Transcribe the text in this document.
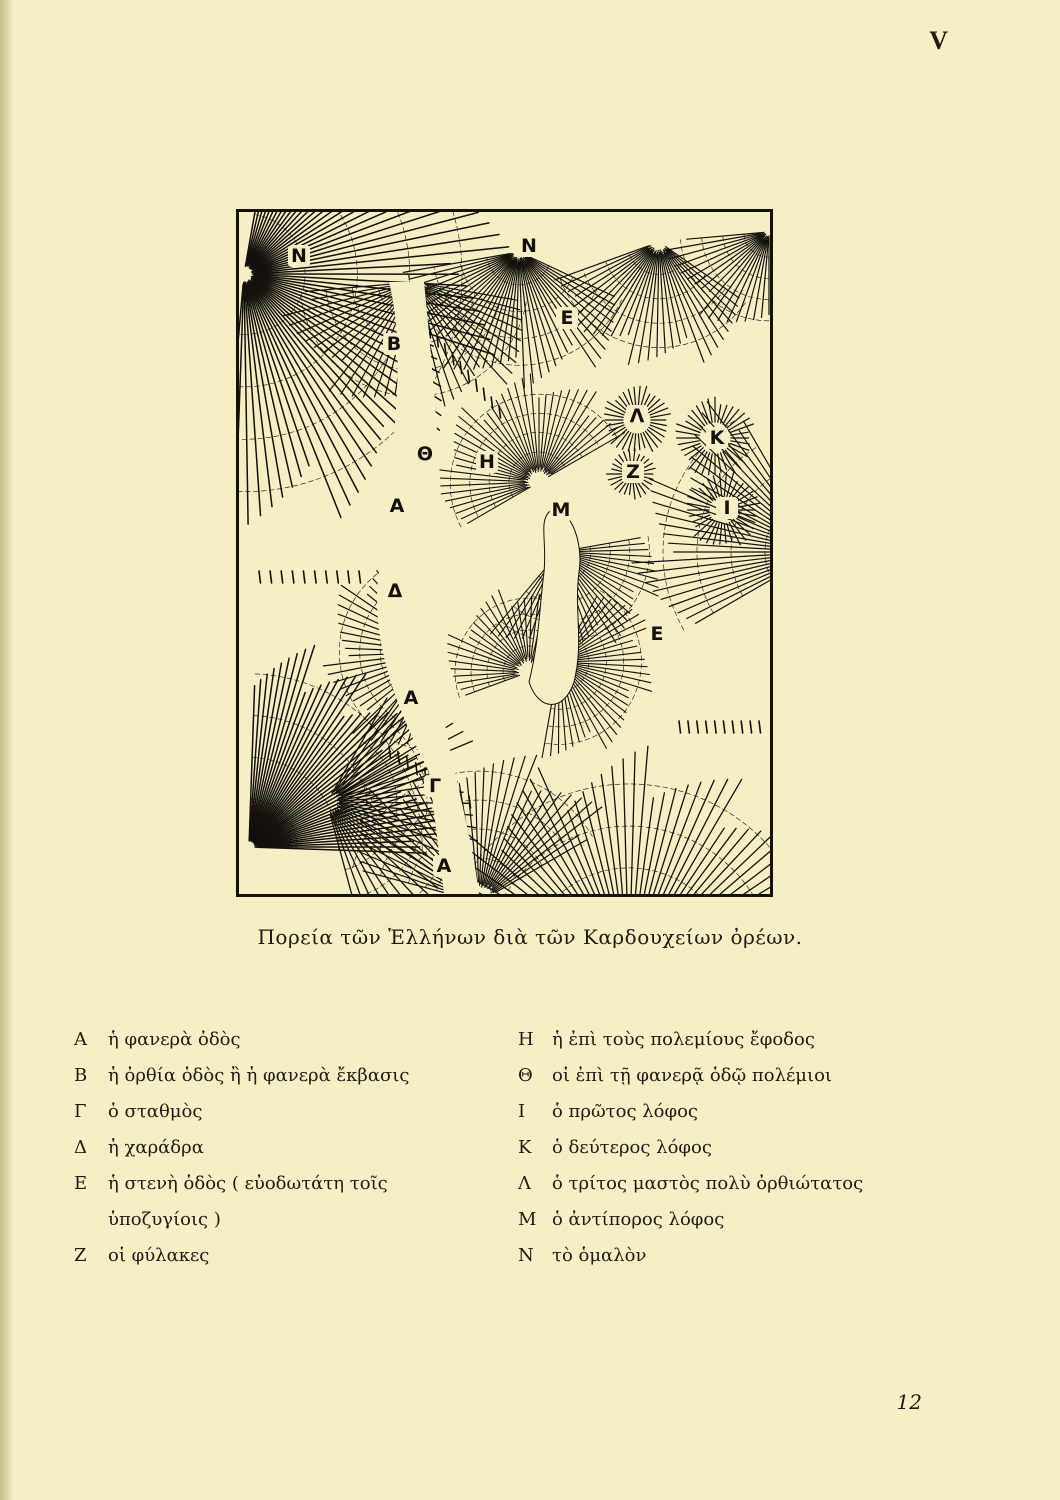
V
N	N
B
E
Λ
K
Z
Θ H
I
A	M
Δ
E
A
Γ
A
Πορεία τῶν Ἑλλήνων διὰ τῶν Καρδουχείων ὀρέων.
Α	ἡ φανερὰ ὁδὸς
Β	ἡ ὀρθία ὁδὸς ἢ ἡ φανερὰ ἔκβασις
Γ	ὁ σταθμὸς
Δ	ἡ χαράδρα
Ε	ἡ στενὴ ὁδὸς ( εὐοδωτάτη τοῖς
ὑποζυγίοις )
Ζ	οἱ φύλακες
Η	ἡ ἐπὶ τοὺς πολεμίους ἔφοδος
Θ	οἱ ἐπὶ τῇ φανερᾷ ὁδῷ πολέμιοι
Ι	ὁ πρῶτος λόφος
Κ	ὁ δεύτερος λόφος
Λ	ὁ τρίτος μαστὸς πολὺ ὀρθιώτατος
Μ ὁ ἀντίπορος λόφος
Ν	τὸ ὁμαλὸν
12
